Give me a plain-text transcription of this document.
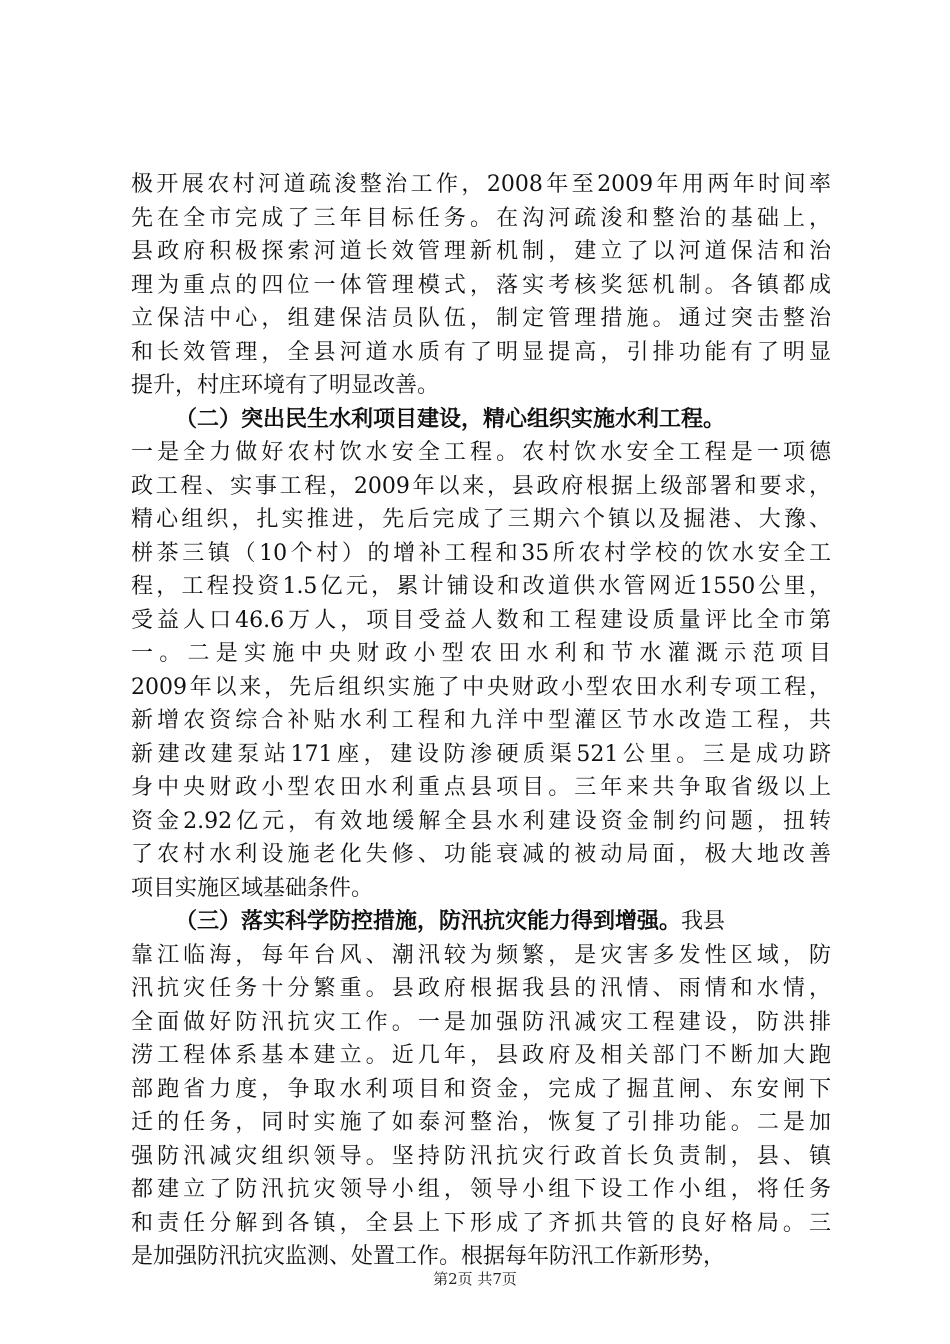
极开展农村河道疏浚整治工作，2008年至2009年用两年时间率
先在全市完成了三年目标任务。在沟河疏浚和整治的基础上，
县政府积极探索河道长效管理新机制，建立了以河道保洁和治
理为重点的四位一体管理模式，落实考核奖惩机制。各镇都成
立保洁中心，组建保洁员队伍，制定管理措施。通过突击整治
和长效管理，全县河道水质有了明显提高，引排功能有了明显
提升，村庄环境有了明显改善。
（二）突出民生水利项目建设，精心组织实施水利工程。
一是全力做好农村饮水安全工程。农村饮水安全工程是一项德
政工程、实事工程，2009年以来，县政府根据上级部署和要求，
精心组织，扎实推进，先后完成了三期六个镇以及掘港、大豫、
栟茶三镇（10个村）的增补工程和35所农村学校的饮水安全工
程，工程投资1.5亿元，累计铺设和改道供水管网近1550公里，
受益人口46.6万人，项目受益人数和工程建设质量评比全市第
一。二是实施中央财政小型农田水利和节水灌溉示范项目
2009年以来，先后组织实施了中央财政小型农田水利专项工程，
新增农资综合补贴水利工程和九洋中型灌区节水改造工程，共
新建改建泵站171座，建设防渗硬质渠521公里。三是成功跻
身中央财政小型农田水利重点县项目。三年来共争取省级以上
资金2.92亿元，有效地缓解全县水利建设资金制约问题，扭转
了农村水利设施老化失修、功能衰减的被动局面，极大地改善
项目实施区域基础条件。
（三）落实科学防控措施，防汛抗灾能力得到增强。我县
靠江临海，每年台风、潮汛较为频繁，是灾害多发性区域，防
汛抗灾任务十分繁重。县政府根据我县的汛情、雨情和水情，
全面做好防汛抗灾工作。一是加强防汛减灾工程建设，防洪排
涝工程体系基本建立。近几年，县政府及相关部门不断加大跑
部跑省力度，争取水利项目和资金，完成了掘苴闸、东安闸下
迁的任务，同时实施了如泰河整治，恢复了引排功能。二是加
强防汛减灾组织领导。坚持防汛抗灾行政首长负责制，县、镇
都建立了防汛抗灾领导小组，领导小组下设工作小组，将任务
和责任分解到各镇，全县上下形成了齐抓共管的良好格局。三
是加强防汛抗灾监测、处置工作。根据每年防汛工作新形势，
第2页 共7页
